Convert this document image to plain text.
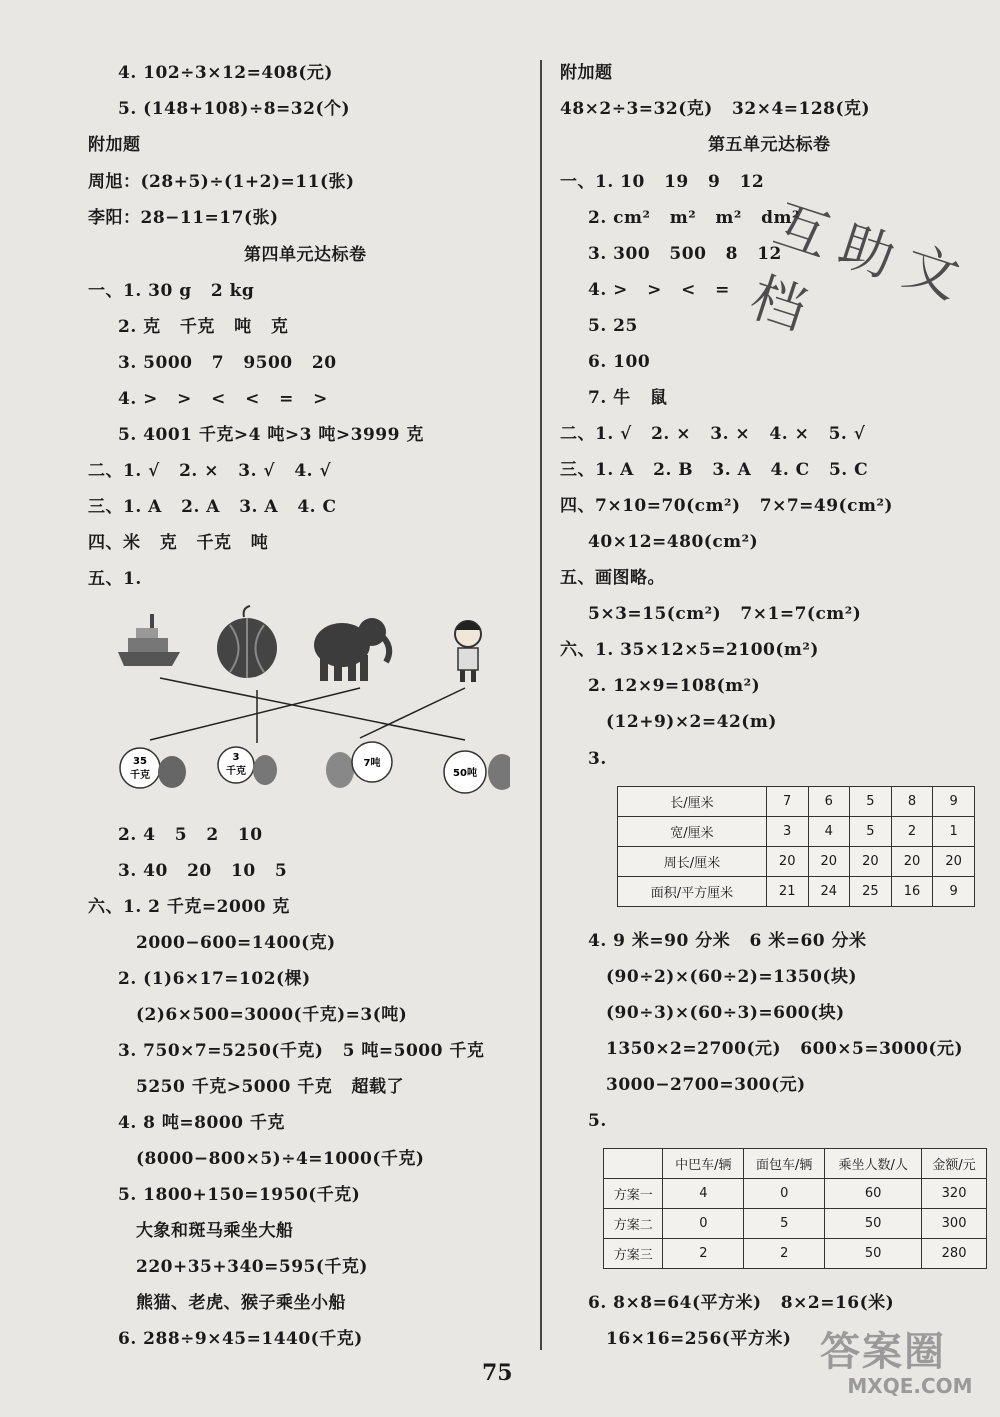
4. 102÷3×12=408(元)
5. (148+108)÷8=32(个)
附加题
周旭：(28+5)÷(1+2)=11(张)
李阳：28−11=17(张)
第四单元达标卷
一、1. 30 g   2 kg
2. 克   千克   吨   克
3. 5000   7   9500   20
4. >   >   <   <   =   >
5. 4001 千克>4 吨>3 吨>3999 克
二、1. √   2. ×   3. √   4. √
三、1. A   2. A   3. A   4. C
四、米   克   千克   吨
五、1.
35
千克
3
千克
7吨
50吨
2. 4   5   2   10
3. 40   20   10   5
六、1. 2 千克=2000 克
2000−600=1400(克)
2. (1)6×17=102(棵)
(2)6×500=3000(千克)=3(吨)
3. 750×7=5250(千克)   5 吨=5000 千克
5250 千克>5000 千克   超载了
4. 8 吨=8000 千克
(8000−800×5)÷4=1000(千克)
5. 1800+150=1950(千克)
大象和斑马乘坐大船
220+35+340=595(千克)
熊猫、老虎、猴子乘坐小船
6. 288÷9×45=1440(千克)
附加题
48×2÷3=32(克)   32×4=128(克)
第五单元达标卷
一、1. 10   19   9   12
2. cm²   m²   m²   dm²
3. 300   500   8   12
4. >   >   <   =
5. 25
6. 100
7. 牛   鼠
二、1. √   2. ×   3. ×   4. ×   5. √
三、1. A   2. B   3. A   4. C   5. C
四、7×10=70(cm²)   7×7=49(cm²)
40×12=480(cm²)
五、画图略。
5×3=15(cm²)   7×1=7(cm²)
六、1. 35×12×5=2100(m²)
2. 12×9=108(m²)
(12+9)×2=42(m)
3.
长/厘米	7	6	5	8	9
宽/厘米	3	4	5	2	1
周长/厘米	20	20	20	20	20
面积/平方厘米	21	24	25	16	9
4. 9 米=90 分米   6 米=60 分米
(90÷2)×(60÷2)=1350(块)
(90÷3)×(60÷3)=600(块)
1350×2=2700(元)   600×5=3000(元)
3000−2700=300(元)
5.
	中巴车/辆	面包车/辆	乘坐人数/人	金额/元
方案一	4	0	60	320
方案二	0	5	50	300
方案三	2	2	50	280
6. 8×8=64(平方米)   8×2=16(米)
16×16=256(平方米)
75
互助文档
答案圈
MXQE.COM
